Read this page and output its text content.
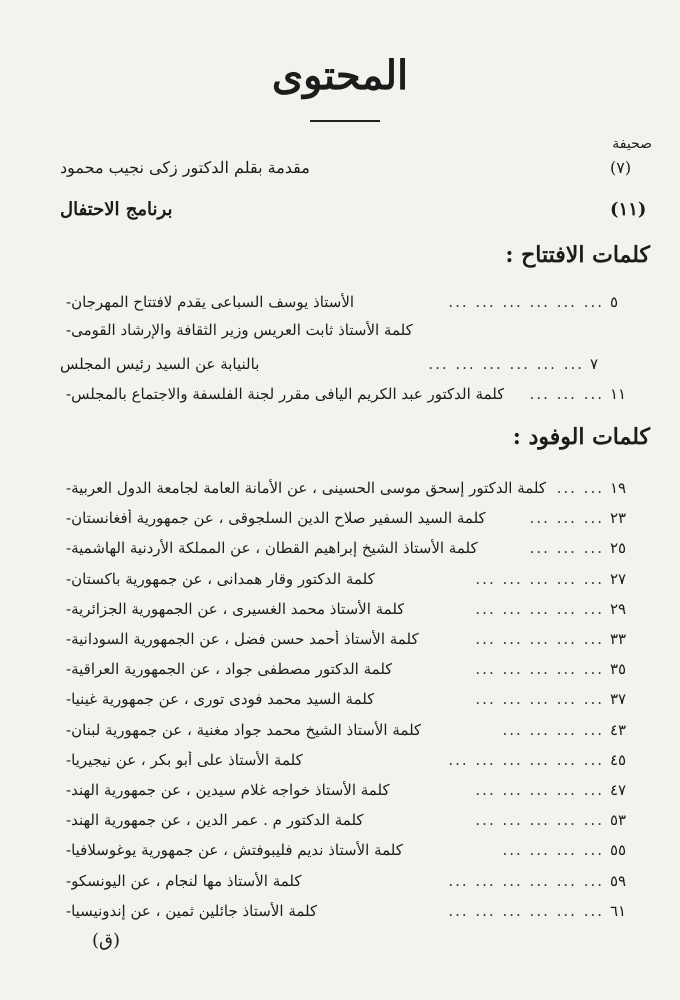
المحتوى
صحيفة
مقدمة بقلم الدكتور زكى نجيب محمود	(٧)
برنامج الاحتفال	(١١)
كلمات الافتتاح :
- الأستاذ يوسف السباعى يقدم لافتتاح المهرجان	... ... ... ... ... ... ٥
- كلمة الأستاذ ثابت العريس وزير الثقافة والإرشاد القومى
بالنيابة عن السيد رئيس المجلس	... ... ... ... ... ... ٧
- كلمة الدكتور عبد الكريم اليافى مقرر لجنة الفلسفة والاجتماع بالمجلس	... ... ... ١١
كلمات الوفود :
- كلمة الدكتور إسحق موسى الحسينى ، عن الأمانة العامة لجامعة الدول العربية ... ... ١٩
- كلمة السيد السفير صلاح الدين السلجوقى ، عن جمهورية أفغانستان	... ... ... ٢٣
- كلمة الأستاذ الشيخ إبراهيم القطان ، عن المملكة الأردنية الهاشمية	... ... ... ٢٥
- كلمة الدكتور وقار همدانى ، عن جمهورية باكستان	... ... ... ... ... ٢٧
- كلمة الأستاذ محمد الغسيرى ، عن الجمهورية الجزائرية	... ... ... ... ... ٢٩
- كلمة الأستاذ أحمد حسن فضل ، عن الجمهورية السودانية	... ... ... ... ... ٣٣
- كلمة الدكتور مصطفى جواد ، عن الجمهورية العراقية	... ... ... ... ... ٣٥
- كلمة السيد محمد فودى تورى ، عن جمهورية غينيا	... ... ... ... ... ٣٧
- كلمة الأستاذ الشيخ محمد جواد مغنية ، عن جمهورية لبنان	... ... ... ... ٤٣
- كلمة الأستاذ على أبو بكر ، عن نيجيريا	... ... ... ... ... ... ٤٥
- كلمة الأستاذ خواجه غلام سيدين ، عن جمهورية الهند	... ... ... ... ... ٤٧
- كلمة الدكتور م . عمر الدين ، عن جمهورية الهند	... ... ... ... ... ٥٣
- كلمة الأستاذ نديم فليبوفتش ، عن جمهورية يوغوسلافيا	... ... ... ... ٥٥
- كلمة الأستاذ مها لنجام ، عن اليونسكو	... ... ... ... ... ... ٥٩
- كلمة الأستاذ جائلين ثمين ، عن إندونيسيا	... ... ... ... ... ... ٦١
(ق)
